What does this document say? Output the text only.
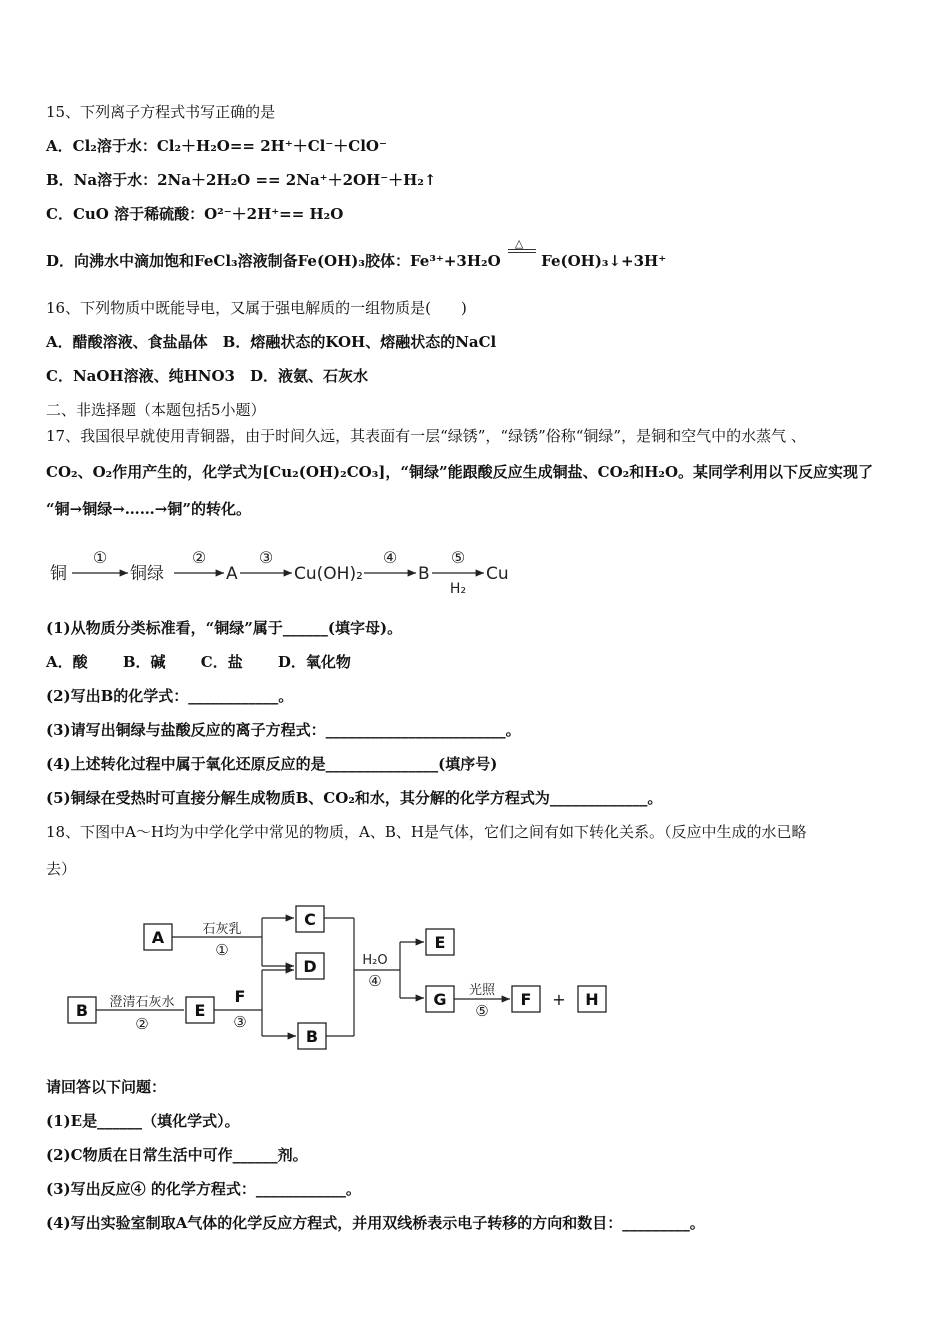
15、下列离子方程式书写正确的是
A．Cl₂溶于水：Cl₂＋H₂O== 2H⁺＋Cl⁻＋ClO⁻
B．Na溶于水：2Na＋2H₂O == 2Na⁺＋2OH⁻＋H₂↑
C．CuO 溶于稀硫酸：O²⁻＋2H⁺== H₂O
D．向沸水中滴加饱和FeCl₃溶液制备Fe(OH)₃胶体：Fe³⁺+3H₂O
△
Fe(OH)₃↓+3H⁺
16、下列物质中既能导电，又属于强电解质的一组物质是(　　)
A．醋酸溶液、食盐晶体　B．熔融状态的KOH、熔融状态的NaCl
C．NaOH溶液、纯HNO3　D．液氨、石灰水
二、非选择题（本题包括5小题）
17、我国很早就使用青铜器，由于时间久远，其表面有一层“绿锈”，“绿锈”俗称“铜绿”，是铜和空气中的水蒸气 、
CO₂、O₂作用产生的，化学式为[Cu₂(OH)₂CO₃]，“铜绿”能跟酸反应生成铜盐、CO₂和H₂O。某同学利用以下反应实现了
“铜→铜绿→……→铜”的转化。
铜	铜绿	A	Cu(OH)₂	B	Cu
①	②	③	④	⑤
H₂
(1)从物质分类标准看，“铜绿”属于______(填字母)。
A．酸　　 B．碱　　 C．盐　　 D．氧化物
(2)写出B的化学式：____________。
(3)请写出铜绿与盐酸反应的离子方程式：________________________。
(4)上述转化过程中属于氧化还原反应的是_______________(填序号)
(5)铜绿在受热时可直接分解生成物质B、CO₂和水，其分解的化学方程式为_____________。
18、下图中A～H均为中学化学中常见的物质，A、B、H是气体，它们之间有如下转化关系。（反应中生成的水已略
去）
A
B	E
C
D
B
E
G	F	H
F	+
石灰乳
①
澄清石灰水
②	③
H₂O
④
光照
⑤
请回答以下问题：
(1)E是______（填化学式）。
(2)C物质在日常生活中可作______剂。
(3)写出反应④ 的化学方程式：____________。
(4)写出实验室制取A气体的化学反应方程式，并用双线桥表示电子转移的方向和数目：_________。
